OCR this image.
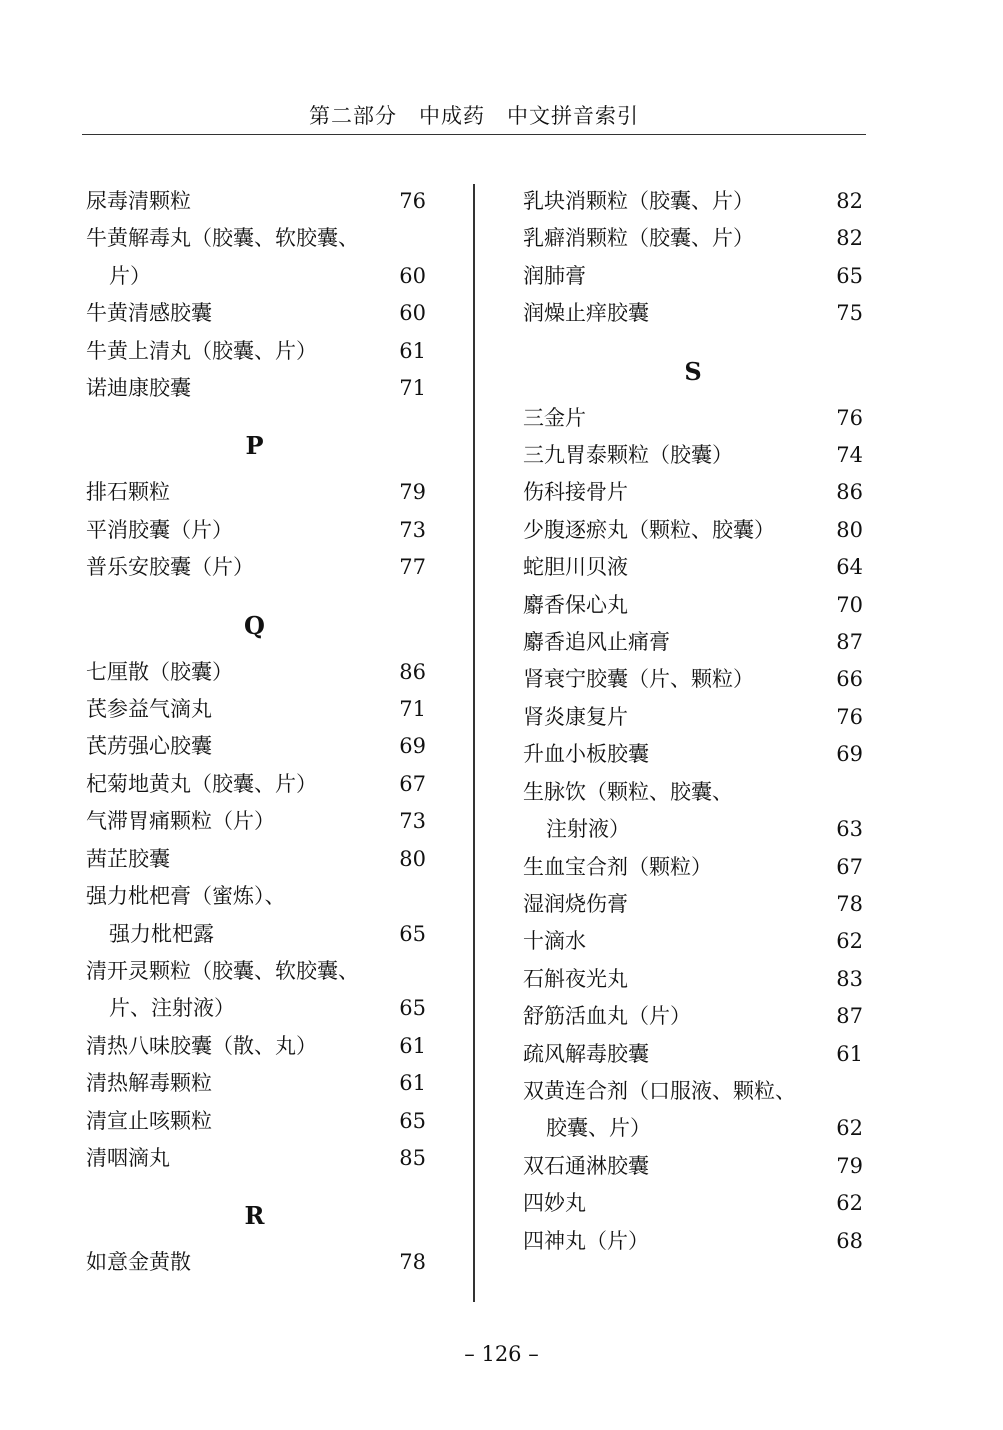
第二部分　中成药　中文拼音索引
尿毒清颗粒	76
牛黄解毒丸（胶囊、软胶囊、
片）	60
牛黄清感胶囊	60
牛黄上清丸（胶囊、片）	61
诺迪康胶囊	71
P
排石颗粒	79
平消胶囊（片）	73
普乐安胶囊（片）	77
Q
七厘散（胶囊）	86
芪参益气滴丸	71
芪苈强心胶囊	69
杞菊地黄丸（胶囊、片）	67
气滞胃痛颗粒（片）	73
茜芷胶囊	80
强力枇杷膏（蜜炼）、
强力枇杷露	65
清开灵颗粒（胶囊、软胶囊、
片、注射液）	65
清热八味胶囊（散、丸）	61
清热解毒颗粒	61
清宣止咳颗粒	65
清咽滴丸	85
R
如意金黄散	78
乳块消颗粒（胶囊、片）	82
乳癖消颗粒（胶囊、片）	82
润肺膏	65
润燥止痒胶囊	75
S
三金片	76
三九胃泰颗粒（胶囊）	74
伤科接骨片	86
少腹逐瘀丸（颗粒、胶囊）	80
蛇胆川贝液	64
麝香保心丸	70
麝香追风止痛膏	87
肾衰宁胶囊（片、颗粒）	66
肾炎康复片	76
升血小板胶囊	69
生脉饮（颗粒、胶囊、
注射液）	63
生血宝合剂（颗粒）	67
湿润烧伤膏	78
十滴水	62
石斛夜光丸	83
舒筋活血丸（片）	87
疏风解毒胶囊	61
双黄连合剂（口服液、颗粒、
胶囊、片）	62
双石通淋胶囊	79
四妙丸	62
四神丸（片）	68
– 126 –
